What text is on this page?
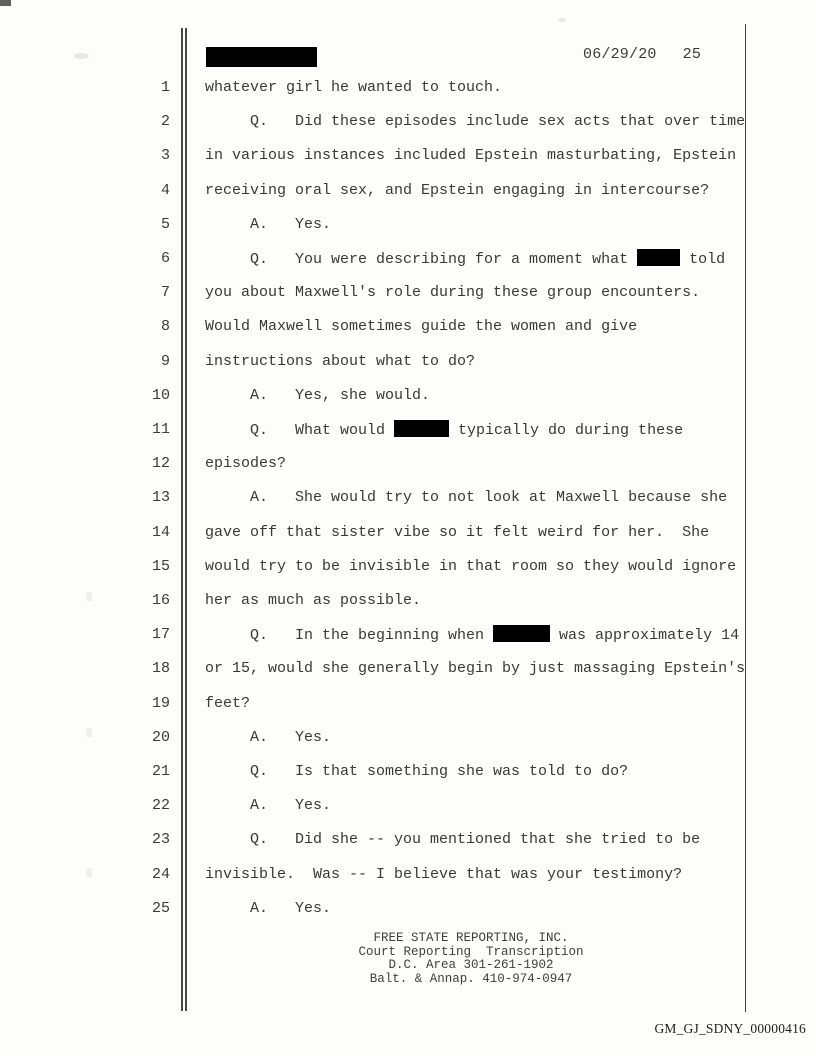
06/29/20 25
1 whatever girl he wanted to touch.
2 Q.   Did these episodes include sex acts that over time
3 in various instances included Epstein masturbating, Epstein
4 receiving oral sex, and Epstein engaging in intercourse?
5 A.   Yes.
6 Q.   You were describing for a moment what	told
7 you about Maxwell's role during these group encounters.
8 Would Maxwell sometimes guide the women and give
9 instructions about what to do?
10 A.   Yes, she would.
11 Q.   What would	typically do during these
12 episodes?
13 A.   She would try to not look at Maxwell because she
14 gave off that sister vibe so it felt weird for her.  She
15 would try to be invisible in that room so they would ignore
16 her as much as possible.
17 Q.   In the beginning when	was approximately 14
18 or 15, would she generally begin by just massaging Epstein's
19 feet?
20 A.   Yes.
21 Q.   Is that something she was told to do?
22 A.   Yes.
23 Q.   Did she -- you mentioned that she tried to be
24 invisible.  Was -- I believe that was your testimony?
25 A.   Yes.
FREE STATE REPORTING, INC.
Court Reporting  Transcription
D.C. Area 301-261-1902
Balt. & Annap. 410-974-0947
GM_GJ_SDNY_00000416
